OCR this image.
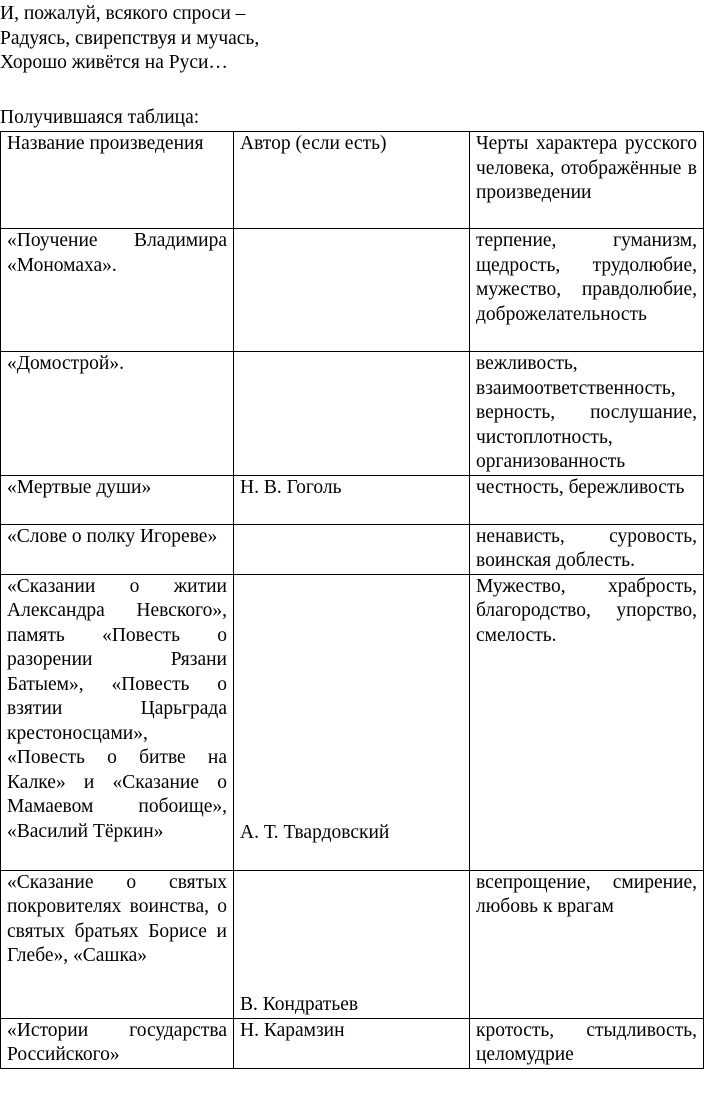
И, пожалуй, всякого спроси –
Радуясь, свирепствуя и мучась,
Хорошо живётся на Руси…
Получившаяся таблица:
Название произведения	Автор (если есть)	Черты характера русского человека, отображённые в произведении
«Поучение Владимира «Мономаха».		терпение, гуманизм, щедрость, трудолюбие, мужество, правдолюбие, доброжелательность
«Домострой».		вежливость, взаимоответственность, верность, послушание, чистоплотность, организованность
«Мертвые души»	Н. В. Гоголь	честность, бережливость
«Слове о полку Игореве»		ненависть, суровость, воинская доблесть.
«Сказании о житии Александра Невского», память «Повесть о разорении Рязани Батыем», «Повесть о взятии Царьграда крестоносцами», «Повесть о битве на Калке» и «Сказание о Мамаевом побоище», «Василий Тёркин»	А. Т. Твардовский	Мужество, храбрость, благородство, упорство, смелость.
«Сказание о святых покровителях воинства, о святых братьях Борисе и Глебе», «Сашка»	В. Кондратьев	всепрощение, смирение, любовь к врагам
«Истории государства Российского»	Н. Карамзин	кротость, стыдливость, целомудрие
